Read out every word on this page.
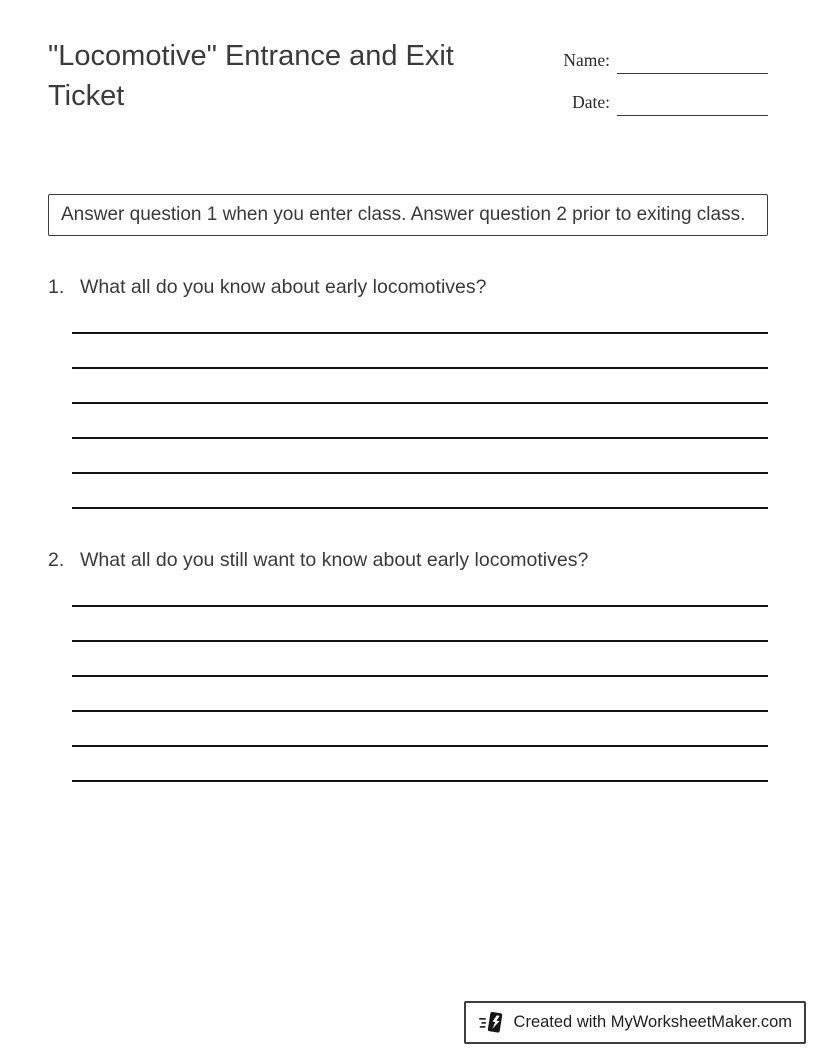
"Locomotive" Entrance and Exit Ticket
Name:
Date:
Answer question 1 when you enter class. Answer question 2 prior to exiting class.
1. What all do you know about early locomotives?
2. What all do you still want to know about early locomotives?
Created with MyWorksheetMaker.com
